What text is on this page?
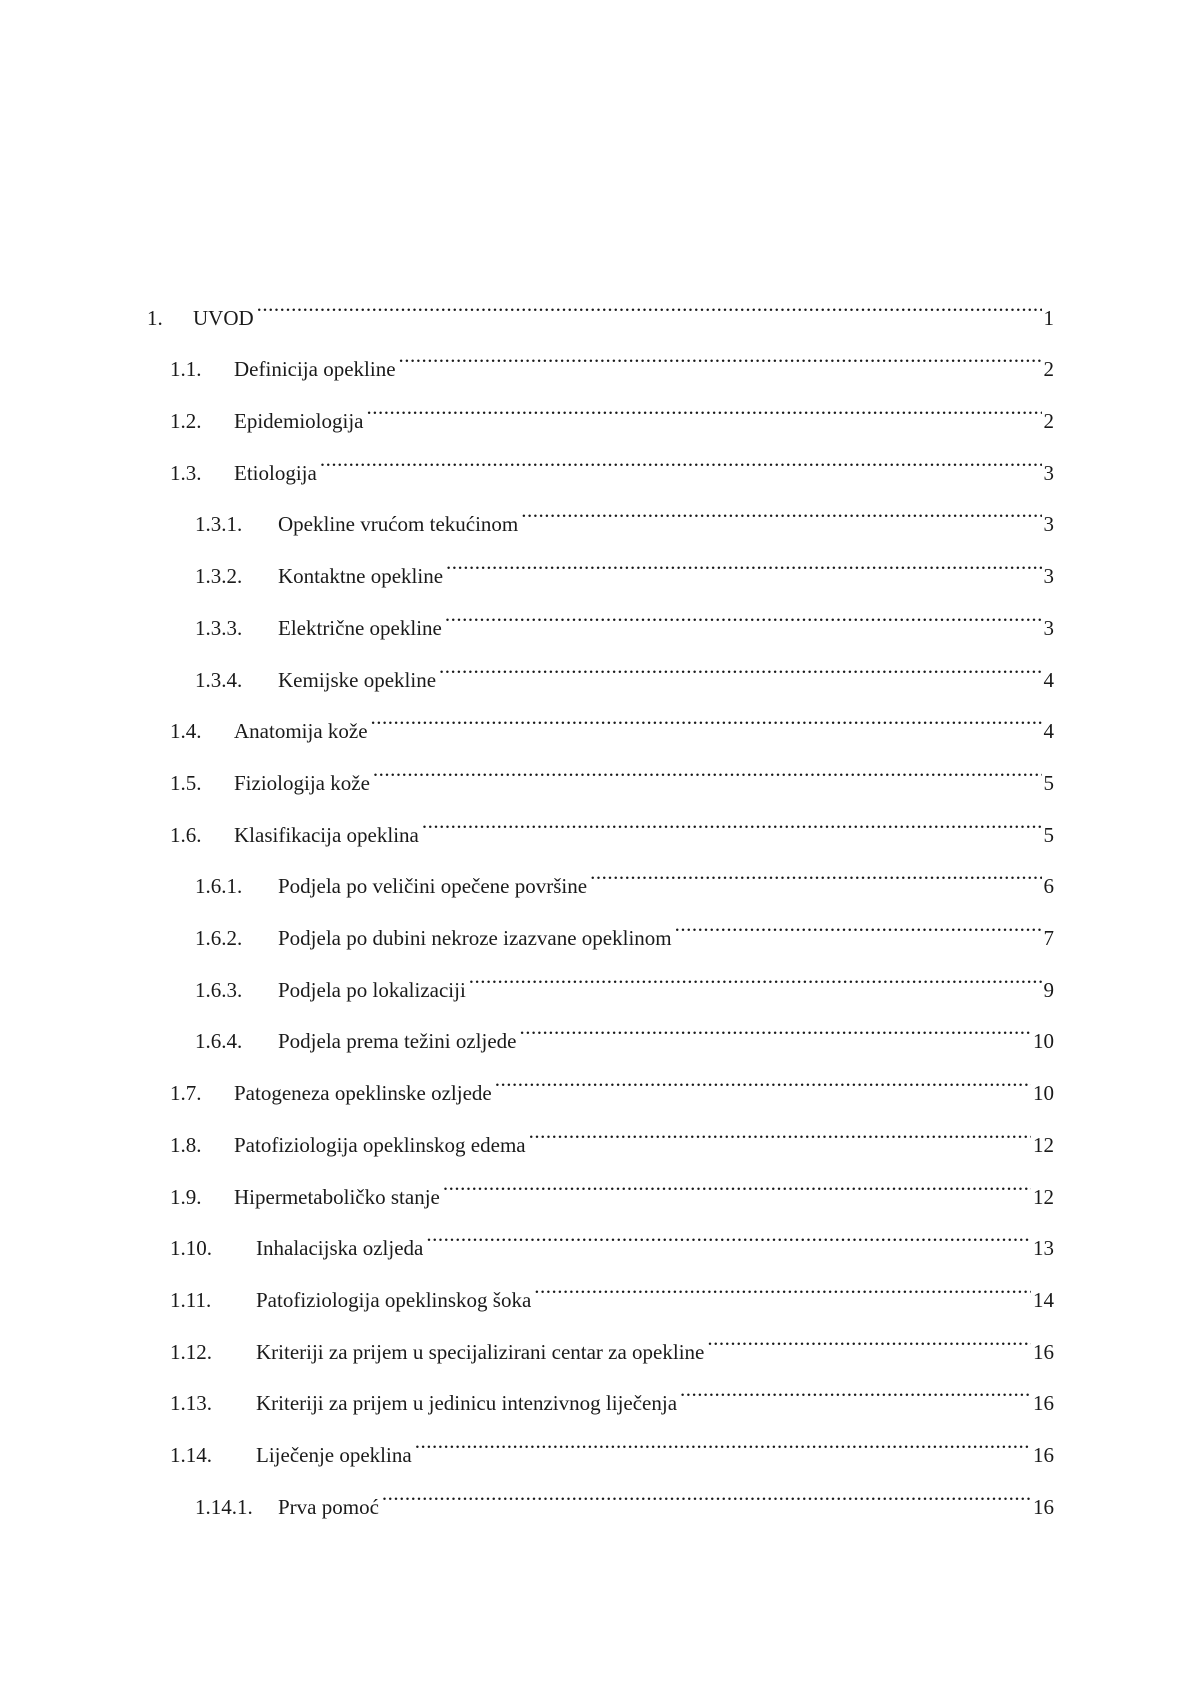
1.	UVOD .....	1
1.1.	Definicija opekline .....	2
1.2.	Epidemiologija .....	2
1.3.	Etiologija .....	3
1.3.1.	Opekline vrućom tekućinom .....	3
1.3.2.	Kontaktne opekline .....	3
1.3.3.	Električne opekline .....	3
1.3.4.	Kemijske opekline .....	4
1.4.	Anatomija kože .....	4
1.5.	Fiziologija kože .....	5
1.6.	Klasifikacija opeklina .....	5
1.6.1.	Podjela po veličini opečene površine .....	6
1.6.2.	Podjela po dubini nekroze izazvane opeklinom .....	7
1.6.3.	Podjela po lokalizaciji .....	9
1.6.4.	Podjela prema težini ozljede .....	10
1.7.	Patogeneza opeklinske ozljede .....	10
1.8.	Patofiziologija opeklinskog edema .....	12
1.9.	Hipermetaboličko stanje .....	12
1.10.	Inhalacijska ozljeda .....	13
1.11.	Patofiziologija opeklinskog šoka .....	14
1.12.	Kriteriji za prijem u specijalizirani centar za opekline .....	16
1.13.	Kriteriji za prijem u jedinicu intenzivnog liječenja .....	16
1.14.	Liječenje opeklina .....	16
1.14.1.	Prva pomoć .....	16
